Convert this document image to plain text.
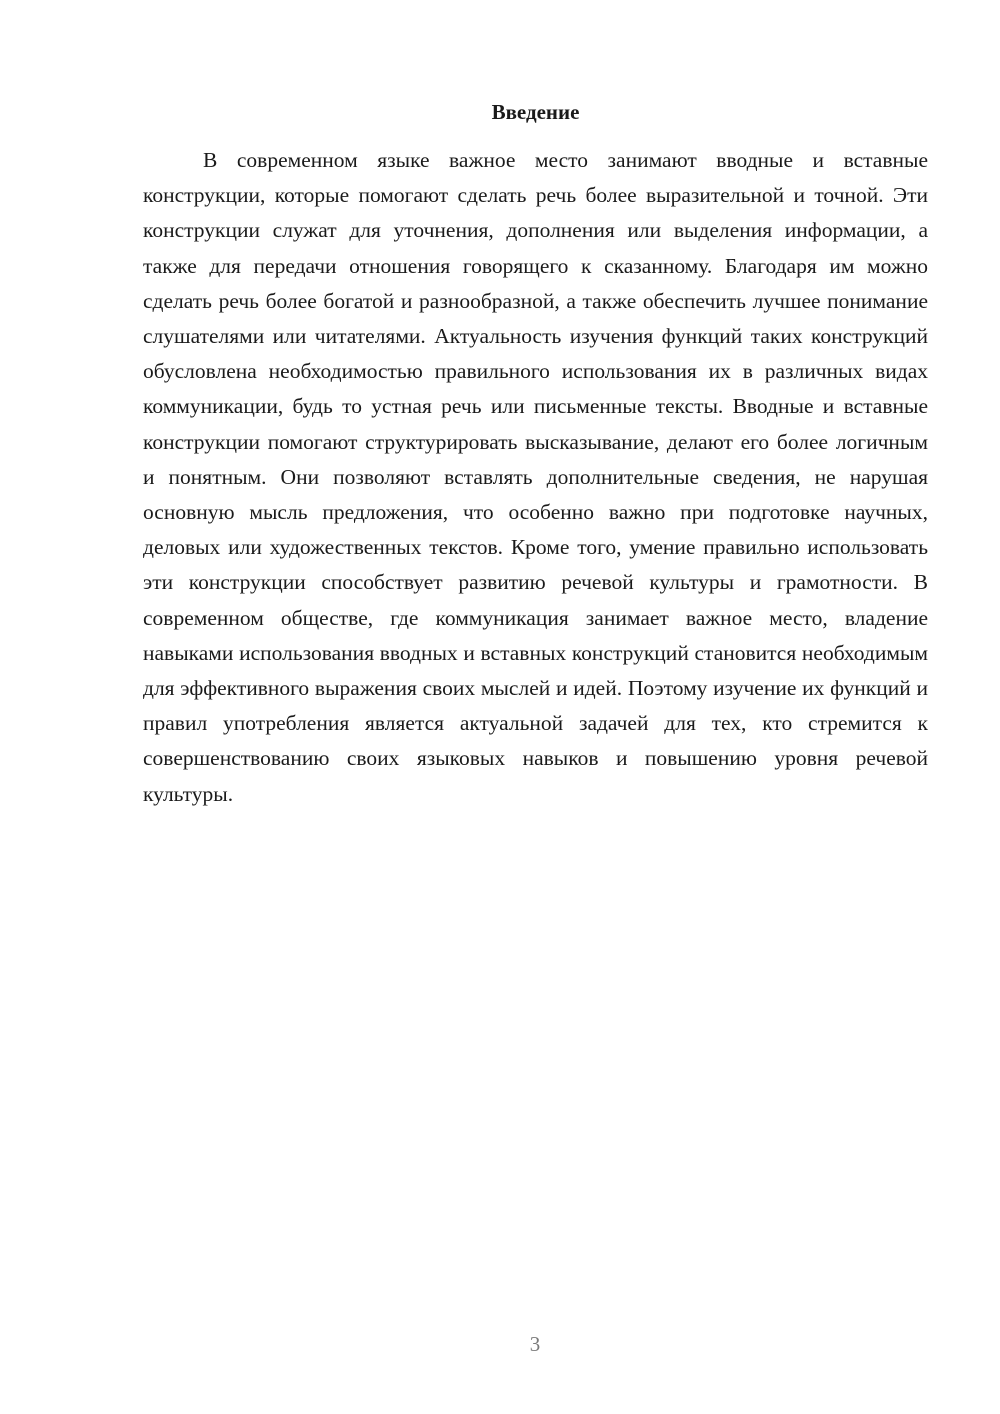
Введение

В современном языке важное место занимают вводные и вставные конструкции, которые помогают сделать речь более выразительной и точной. Эти конструкции служат для уточнения, дополнения или выделения информации, а также для передачи отношения говорящего к сказанному. Благодаря им можно сделать речь более богатой и разнообразной, а также обеспечить лучшее понимание слушателями или читателями. Актуальность изучения функций таких конструкций обусловлена необходимостью правильного использования их в различных видах коммуникации, будь то устная речь или письменные тексты. Вводные и вставные конструкции помогают структурировать высказывание, делают его более логичным и понятным. Они позволяют вставлять дополнительные сведения, не нарушая основную мысль предложения, что особенно важно при подготовке научных, деловых или художественных текстов. Кроме того, умение правильно использовать эти конструкции способствует развитию речевой культуры и грамотности. В современном обществе, где коммуникация занимает важное место, владение навыками использования вводных и вставных конструкций становится необходимым для эффективного выражения своих мыслей и идей. Поэтому изучение их функций и правил употребления является актуальной задачей для тех, кто стремится к совершенствованию своих языковых навыков и повышению уровня речевой культуры.

3
